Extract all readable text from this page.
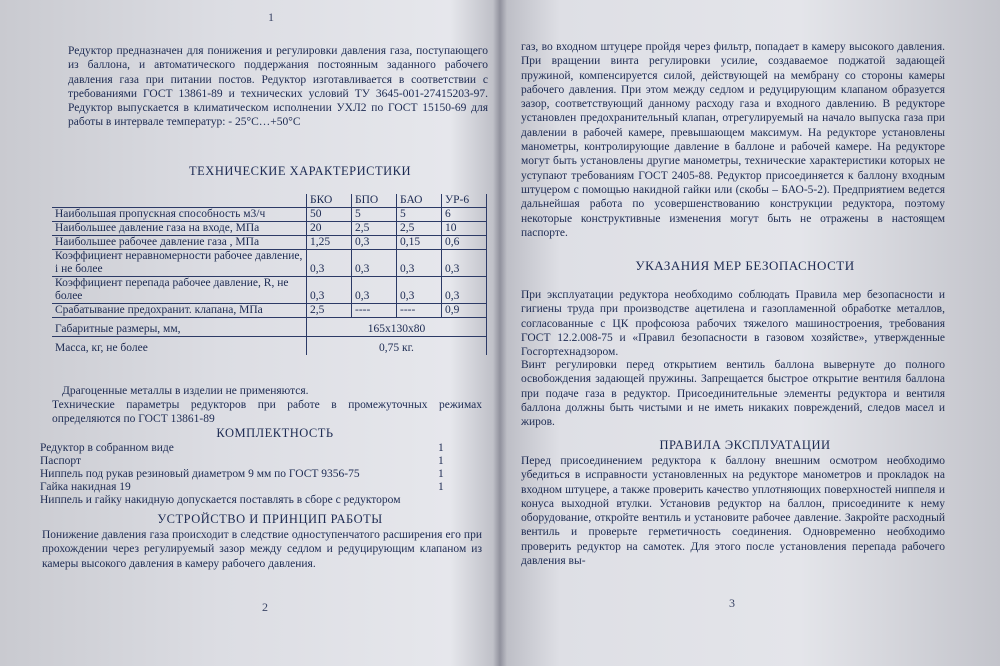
1
Редуктор предназначен для понижения и регулировки давления газа, поступающего из баллона, и автоматического поддержания постоянным заданного рабочего давления газа при питании постов. Редуктор изготавливается в соответствии с требованиями ГОСТ 13861-89 и технических условий ТУ 3645-001-27415203-97. Редуктор выпускается в климатическом исполнении УХЛ2 по ГОСТ 15150-69 для работы в интервале температур: - 25°C…+50°C
ТЕХНИЧЕСКИЕ ХАРАКТЕРИСТИКИ
	БКО	БПО	БАО	УР-6
Наибольшая пропускная способность м3/ч	50	5	5	6
Наибольшее давление газа на входе, МПа	20	2,5	2,5	10
Наибольшее рабочее давление газа , МПа	1,25	0,3	0,15	0,6
Коэффициент неравномерности рабочее давление, i не более	0,3	0,3	0,3	0,3
Коэффициент перепада рабочее давление, R, не более	0,3	0,3	0,3	0,3
Срабатывание предохранит. клапана, МПа	2,5	----	----	0,9
Габаритные размеры, мм,	165х130х80			
Масса, кг, не более	0,75 кг.			
Драгоценные металлы в изделии не применяются.
Технические параметры редукторов при работе в промежуточных режимах определяются по ГОСТ 13861-89
КОМПЛЕКТНОСТЬ
Редуктор в собранном виде	1
Паспорт	1
Ниппель под рукав резиновый диаметром 9 мм по ГОСТ 9356-75	1
Гайка накидная 19	1
Ниппель и гайку накидную допускается поставлять в сборе с редуктором
УСТРОЙСТВО И ПРИНЦИП РАБОТЫ
Понижение давления газа происходит в следствие одноступенчатого расширения его при прохождении через регулируемый зазор между седлом и редуцирующим клапаном из камеры высокого давления в камеру рабочего давления.
2
газ, во входном штуцере пройдя через фильтр, попадает в камеру высокого давления. При вращении винта регулировки усилие, создаваемое поджатой задающей пружиной, компенсируется силой, действующей на мембрану со стороны камеры рабочего давления. При этом между седлом и редуцирующим клапаном образуется зазор, соответствующий данному расходу газа и входного давлению. В редукторе установлен предохранительный клапан, отрегулируемый на начало выпуска газа при давлении в рабочей камере, превышающем максимум. На редукторе установлены манометры, контролирующие давление в баллоне и рабочей камере. На редукторе могут быть установлены другие манометры, технические характеристики которых не уступают требованиям ГОСТ 2405-88. Редуктор присоединяется к баллону входным штуцером с помощью накидной гайки или (скобы – БАО-5-2). Предприятием ведется дальнейшая работа по усовершенствованию конструкции редуктора, поэтому некоторые конструктивные изменения могут быть не отражены в настоящем паспорте.
УКАЗАНИЯ МЕР БЕЗОПАСНОСТИ
При эксплуатации редуктора необходимо соблюдать Правила мер безопасности и гигиены труда при производстве ацетилена и газопламенной обработке металлов, согласованные с ЦК профсоюза рабочих тяжелого машиностроения, требования ГОСТ 12.2.008-75 и «Правил безопасности в газовом хозяйстве», утвержденные Госгортехнадзором.
Винт регулировки перед открытием вентиль баллона вывернуте до полного освобождения задающей пружины. Запрещается быстрое открытие вентиля баллона при подаче газа в редуктор. Присоединительные элементы редуктора и вентиля баллона должны быть чистыми и не иметь никаких повреждений, следов масел и жиров.
ПРАВИЛА ЭКСПЛУАТАЦИИ
Перед присоединением редуктора к баллону внешним осмотром необходимо убедиться в исправности установленных на редукторе манометров и прокладок на входном штуцере, а также проверить качество уплотняющих поверхностей ниппеля и конуса выходной втулки. Установив редуктор на баллон, присоедините к нему оборудование, откройте вентиль и установите рабочее давление. Закройте расходный вентиль и проверьте герметичность соединения. Одновременно необходимо проверить редуктор на самотек. Для этого после установления перепада рабочего давления вы-
3
